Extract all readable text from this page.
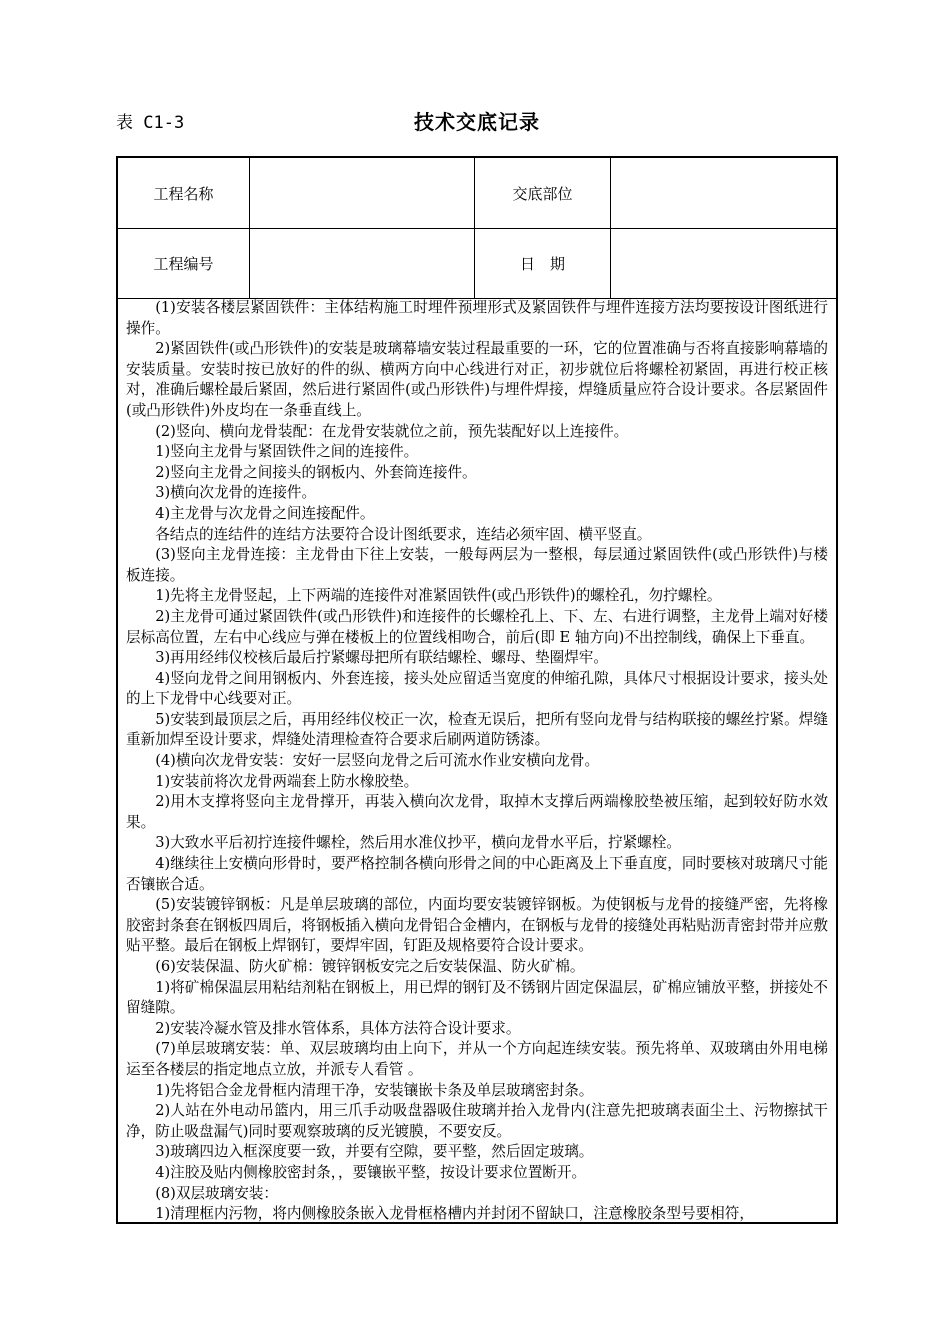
表 C1-3	技术交底记录
工程名称	交底部位
工程编号	日　期

(1)安装各楼层紧固铁件：主体结构施工时埋件预埋形式及紧固铁件与埋件连接方法均要按设计图纸进行操作。

2)紧固铁件(或凸形铁件)的安装是玻璃幕墙安装过程最重要的一环，它的位置准确与否将直接影响幕墙的安装质量。安装时按已放好的件的纵、横两方向中心线进行对正，初步就位后将螺栓初紧固，再进行校正核对，准确后螺栓最后紧固，然后进行紧固件(或凸形铁件)与埋件焊接，焊缝质量应符合设计要求。各层紧固件(或凸形铁件)外皮均在一条垂直线上。

(2)竖向、横向龙骨装配：在龙骨安装就位之前，预先装配好以上连接件。

1)竖向主龙骨与紧固铁件之间的连接件。

2)竖向主龙骨之间接头的钢板内、外套筒连接件。

3)横向次龙骨的连接件。

4)主龙骨与次龙骨之间连接配件。

各结点的连结件的连结方法要符合设计图纸要求，连结必须牢固、横平竖直。

(3)竖向主龙骨连接：主龙骨由下往上安装，一般每两层为一整根，每层通过紧固铁件(或凸形铁件)与楼板连接。

1)先将主龙骨竖起，上下两端的连接件对准紧固铁件(或凸形铁件)的螺栓孔，勿拧螺栓。

2)主龙骨可通过紧固铁件(或凸形铁件)和连接件的长螺栓孔上、下、左、右进行调整，主龙骨上端对好楼层标高位置，左右中心线应与弹在楼板上的位置线相吻合，前后(即 E 轴方向)不出控制线，确保上下垂直。

3)再用经纬仪校核后最后拧紧螺母把所有联结螺栓、螺母、垫圈焊牢。

4)竖向龙骨之间用钢板内、外套连接，接头处应留适当宽度的伸缩孔隙，具体尺寸根据设计要求，接头处的上下龙骨中心线要对正。

5)安装到最顶层之后，再用经纬仪校正一次，检查无误后，把所有竖向龙骨与结构联接的螺丝拧紧。焊缝重新加焊至设计要求，焊缝处清理检查符合要求后刷两道防锈漆。

(4)横向次龙骨安装：安好一层竖向龙骨之后可流水作业安横向龙骨。

1)安装前将次龙骨两端套上防水橡胶垫。

2)用木支撑将竖向主龙骨撑开，再装入横向次龙骨，取掉木支撑后两端橡胶垫被压缩，起到较好防水效果。

3)大致水平后初拧连接件螺栓，然后用水准仪抄平，横向龙骨水平后，拧紧螺栓。

4)继续往上安横向形骨时，要严格控制各横向形骨之间的中心距离及上下垂直度，同时要核对玻璃尺寸能否镶嵌合适。

(5)安装镀锌钢板：凡是单层玻璃的部位，内面均要安装镀锌钢板。为使钢板与龙骨的接缝严密，先将橡胶密封条套在钢板四周后，将钢板插入横向龙骨铝合金槽内，在钢板与龙骨的接缝处再粘贴沥青密封带并应敷贴平整。最后在钢板上焊钢钉，要焊牢固，钉距及规格要符合设计要求。

(6)安装保温、防火矿棉：镀锌钢板安完之后安装保温、防火矿棉。

1)将矿棉保温层用粘结剂粘在钢板上，用已焊的钢钉及不锈钢片固定保温层，矿棉应铺放平整，拼接处不留缝隙。

2)安装冷凝水管及排水管体系，具体方法符合设计要求。

(7)单层玻璃安装：单、双层玻璃均由上向下，并从一个方向起连续安装。预先将单、双玻璃由外用电梯运至各楼层的指定地点立放，并派专人看管 。

1)先将铝合金龙骨框内清理干净，安装镶嵌卡条及单层玻璃密封条。

2)人站在外电动吊篮内，用三爪手动吸盘器吸住玻璃并抬入龙骨内(注意先把玻璃表面尘土、污物擦拭干净，防止吸盘漏气)同时要观察玻璃的反光镀膜，不要安反。

3)玻璃四边入框深度要一致，并要有空隙，要平整，然后固定玻璃。

4)注胶及贴内侧橡胶密封条，，要镶嵌平整，按设计要求位置断开。

(8)双层玻璃安装：

1)清理框内污物，将内侧橡胶条嵌入龙骨框格槽内并封闭不留缺口，注意橡胶条型号要相符，
